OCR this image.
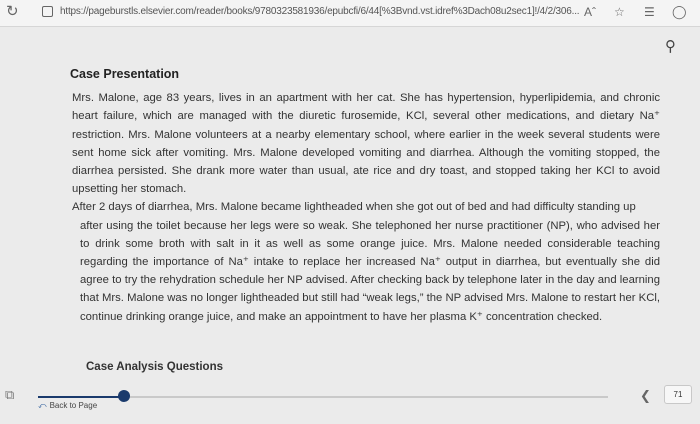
↻	https://pageburstls.elsevier.com/reader/books/9780323581936/epubcfi/6/44[%3Bvnd.vst.idref%3Dach08u2sec1]!/4/2/306... Aˆ ☆ ☰ ◯
⚲
Case Presentation

Mrs. Malone, age 83 years, lives in an apartment with her cat. She has hypertension, hyperlipidemia, and chronic heart failure, which are managed with the diuretic furosemide, KCl, several other medications, and dietary Na⁺ restriction. Mrs. Malone volunteers at a nearby elementary school, where earlier in the week several students were sent home sick after vomiting. Mrs. Malone developed vomiting and diarrhea. Although the vomiting stopped, the diarrhea persisted. She drank more water than usual, ate rice and dry toast, and stopped taking her KCl to avoid upsetting her stomach.

After 2 days of diarrhea, Mrs. Malone became lightheaded when she got out of bed and had difficulty standing up
after using the toilet because her legs were so weak. She telephoned her nurse practitioner (NP), who advised her to drink some broth with salt in it as well as some orange juice. Mrs. Malone needed considerable teaching regarding the importance of Na⁺ intake to replace her increased Na⁺ output in diarrhea, but eventually she did agree to try the rehydration schedule her NP advised. After checking back by telephone later in the day and learning that Mrs. Malone was no longer lightheaded but still had “weak legs,” the NP advised Mrs. Malone to restart her KCl, continue drinking orange juice, and make an appointment to have her plasma K⁺ concentration checked.

Case Analysis Questions
⧉	❮	71
⤺ Back to Page
